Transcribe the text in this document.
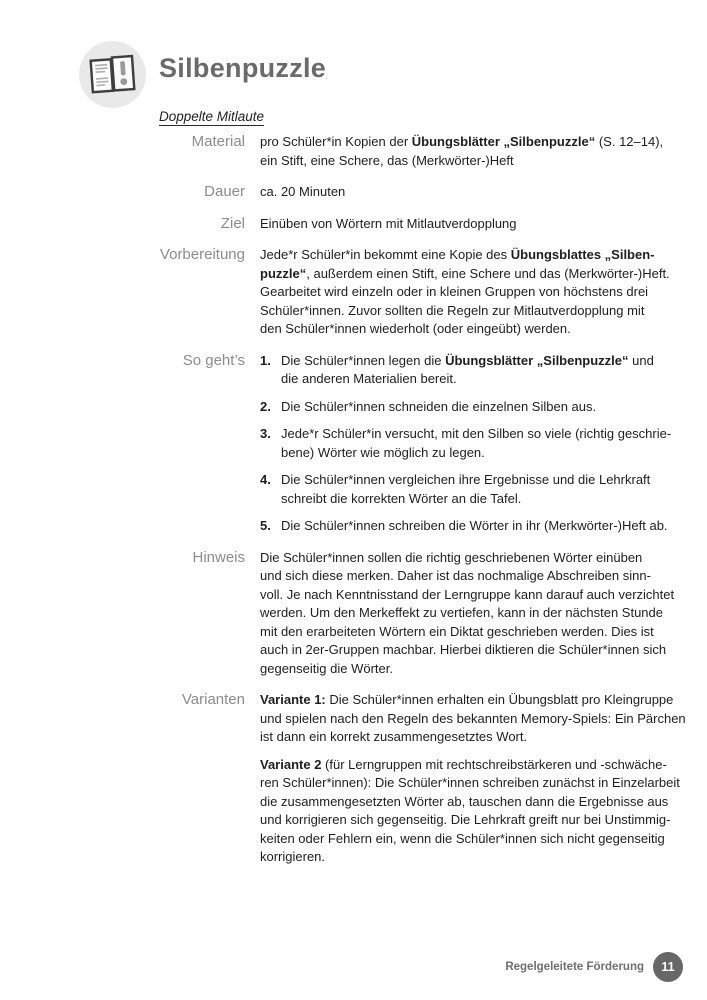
Silbenpuzzle

Doppelte Mitlaute
Material pro Schüler*in Kopien der Übungsblätter „Silbenpuzzle“ (S. 12–14),
ein Stift, eine Schere, das (Merkwörter-)Heft
Dauer ca. 20 Minuten
Ziel Einüben von Wörtern mit Mitlautverdopplung
Vorbereitung Jede*r Schüler*in bekommt eine Kopie des Übungsblattes „Silben-
puzzle“, außerdem einen Stift, eine Schere und das (Merkwörter-)Heft.
Gearbeitet wird einzeln oder in kleinen Gruppen von höchstens drei
Schüler*innen. Zuvor sollten die Regeln zur Mitlautverdopplung mit
den Schüler*innen wiederholt (oder eingeübt) werden.
So geht’s 1. Die Schüler*innen legen die Übungsblätter „Silbenpuzzle“ und
die anderen Materialien bereit.
2. Die Schüler*innen schneiden die einzelnen Silben aus.
3. Jede*r Schüler*in versucht, mit den Silben so viele (richtig geschrie-
bene) Wörter wie möglich zu legen.
4. Die Schüler*innen vergleichen ihre Ergebnisse und die Lehrkraft
schreibt die korrekten Wörter an die Tafel.
5. Die Schüler*innen schreiben die Wörter in ihr (Merkwörter-)Heft ab.
Hinweis Die Schüler*innen sollen die richtig geschriebenen Wörter einüben
und sich diese merken. Daher ist das nochmalige Abschreiben sinn-
voll. Je nach Kenntnisstand der Lerngruppe kann darauf auch verzichtet
werden. Um den Merkeffekt zu vertiefen, kann in der nächsten Stunde
mit den erarbeiteten Wörtern ein Diktat geschrieben werden. Dies ist
auch in 2er-Gruppen machbar. Hierbei diktieren die Schüler*innen sich
gegenseitig die Wörter.
Varianten Variante 1: Die Schüler*innen erhalten ein Übungsblatt pro Kleingruppe
und spielen nach den Regeln des bekannten Memory-Spiels: Ein Pärchen
ist dann ein korrekt zusammengesetztes Wort.
Variante 2 (für Lerngruppen mit rechtschreibstärkeren und -schwäche-
ren Schüler*innen): Die Schüler*innen schreiben zunächst in Einzelarbeit
die zusammengesetzten Wörter ab, tauschen dann die Ergebnisse aus
und korrigieren sich gegenseitig. Die Lehrkraft greift nur bei Unstimmig-
keiten oder Fehlern ein, wenn die Schüler*innen sich nicht gegenseitig
korrigieren.
Regelgeleitete Förderung	11
